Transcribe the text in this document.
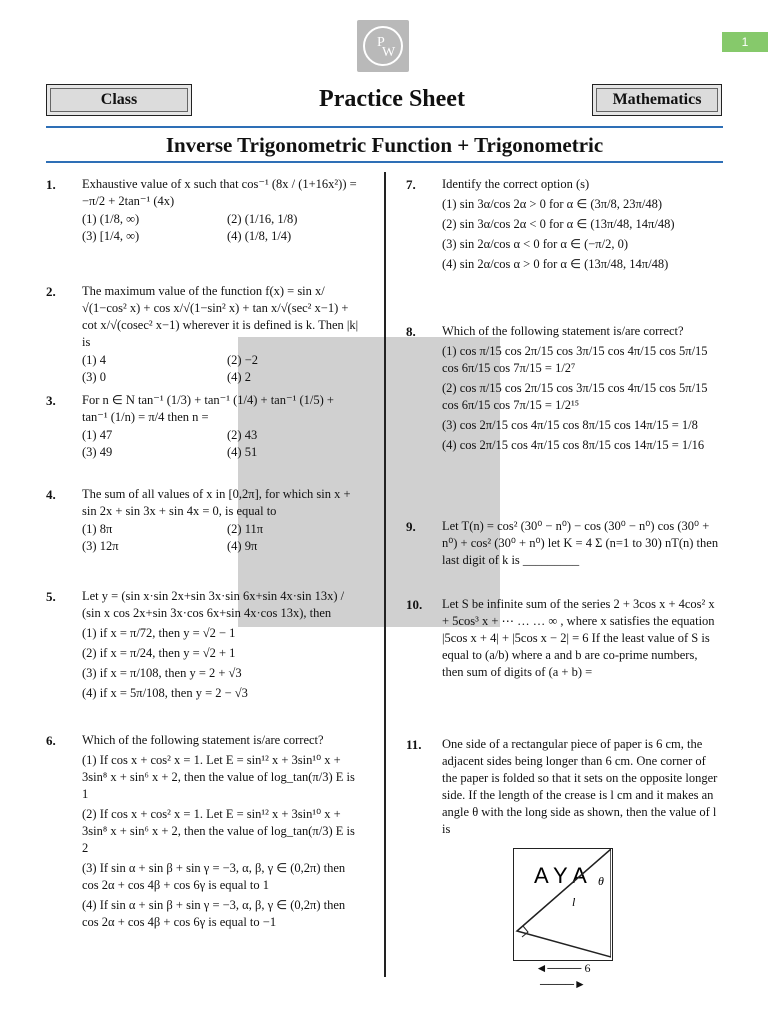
P
W
1
Class	Practice Sheet	Mathematics
Inverse Trigonometric Function + Trigonometric
1. Exhaustive value of x such that cos⁻¹ (8x / (1+16x²)) = −π/2 + 2tan⁻¹ (4x)
(1) (1/8, ∞)	(2) (1/16, 1/8)
(3) [1/4, ∞)	(4) (1/8, 1/4)
2. The maximum value of the function f(x) = sin x/√(1−cos² x) + cos x/√(1−sin² x) + tan x/√(sec² x−1) + cot x/√(cosec² x−1) wherever it is defined is k. Then |k| is
(1) 4	(2) −2
(3) 0	(4) 2
3. For n ∈ N tan⁻¹ (1/3) + tan⁻¹ (1/4) + tan⁻¹ (1/5) + tan⁻¹ (1/n) = π/4 then n =
(1) 47	(2) 43
(3) 49	(4) 51
4. The sum of all values of x in [0,2π], for which sin x + sin 2x + sin 3x + sin 4x = 0, is equal to
(1) 8π	(2) 11π
(3) 12π	(4) 9π
5. Let y = (sin x·sin 2x+sin 3x·sin 6x+sin 4x·sin 13x) / (sin x cos 2x+sin 3x·cos 6x+sin 4x·cos 13x), then
(1) if x = π/72, then y = √2 − 1
(2) if x = π/24, then y = √2 + 1
(3) if x = π/108, then y = 2 + √3
(4) if x = 5π/108, then y = 2 − √3
6. Which of the following statement is/are correct?
(1) If cos x + cos² x = 1. Let E = sin¹² x + 3sin¹⁰ x + 3sin⁸ x + sin⁶ x + 2, then the value of log_tan(π/3) E is 1
(2) If cos x + cos² x = 1. Let E = sin¹² x + 3sin¹⁰ x + 3sin⁸ x + sin⁶ x + 2, then the value of log_tan(π/3) E is 2
(3) If sin α + sin β + sin γ = −3, α, β, γ ∈ (0,2π) then cos 2α + cos 4β + cos 6γ is equal to 1
(4) If sin α + sin β + sin γ = −3, α, β, γ ∈ (0,2π) then cos 2α + cos 4β + cos 6γ is equal to −1
7. Identify the correct option (s)
(1) sin 3α/cos 2α > 0 for α ∈ (3π/8, 23π/48)
(2) sin 3α/cos 2α < 0 for α ∈ (13π/48, 14π/48)
(3) sin 2α/cos α < 0 for α ∈ (−π/2, 0)
(4) sin 2α/cos α > 0 for α ∈ (13π/48, 14π/48)
8. Which of the following statement is/are correct?
(1) cos π/15 cos 2π/15 cos 3π/15 cos 4π/15 cos 5π/15 cos 6π/15 cos 7π/15 = 1/2⁷
(2) cos π/15 cos 2π/15 cos 3π/15 cos 4π/15 cos 5π/15 cos 6π/15 cos 7π/15 = 1/2¹⁵
(3) cos 2π/15 cos 4π/15 cos 8π/15 cos 14π/15 = 1/8
(4) cos 2π/15 cos 4π/15 cos 8π/15 cos 14π/15 = 1/16
9. Let T(n) = cos² (30⁰ − n⁰) − cos (30⁰ − n⁰) cos (30⁰ + n⁰) + cos² (30⁰ + n⁰) let K = 4 Σ (n=1 to 30) nT(n) then last digit of k is _________
10. Let S be infinite sum of the series 2 + 3cos x + 4cos² x + 5cos³ x + ⋯ … … ∞ , where x satisfies the equation |5cos x + 4| + |5cos x − 2| = 6 If the least value of S is equal to (a/b) where a and b are co-prime numbers, then sum of digits of (a + b) =
11. One side of a rectangular piece of paper is 6 cm, the adjacent sides being longer than 6 cm. One corner of the paper is folded so that it sets on the opposite longer side. If the length of the crease is l cm and it makes an angle θ with the long side as shown, then the value of l is
AYA
l
θ
◄──── 6 ────►
